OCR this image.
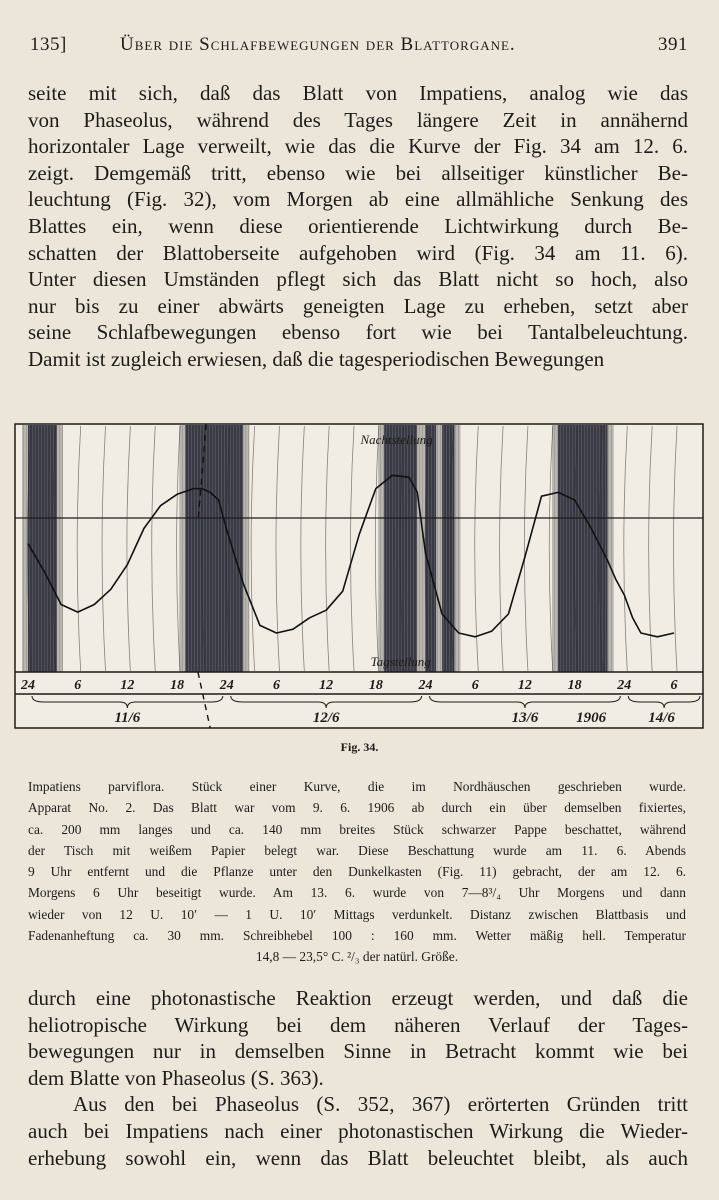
135]	Über die Schlafbewegungen der Blattorgane.	391
seite mit sich, daß das Blatt von Impatiens, analog wie das
von Phaseolus, während des Tages längere Zeit in annähernd
horizontaler Lage verweilt, wie das die Kurve der Fig. 34 am 12. 6.
zeigt. Demgemäß tritt, ebenso wie bei allseitiger künstlicher Be-
leuchtung (Fig. 32), vom Morgen ab eine allmähliche Senkung des
Blattes ein, wenn diese orientierende Lichtwirkung durch Be-
schatten der Blattoberseite aufgehoben wird (Fig. 34 am 11. 6).
Unter diesen Umständen pflegt sich das Blatt nicht so hoch, also
nur bis zu einer abwärts geneigten Lage zu erheben, setzt aber
seine Schlafbewegungen ebenso fort wie bei Tantalbeleuchtung.
Damit ist zugleich erwiesen, daß die tagesperiodischen Bewegungen
24	6	12	18	24	6	12	18	24	6	12	18	24	6
11/6	12/6	13/6	14/6
1906
Nachtstellung
Tagstellung
Fig. 34.
Impatiens parviflora. Stück einer Kurve, die im Nordhäuschen geschrieben wurde.
Apparat No. 2. Das Blatt war vom 9. 6. 1906 ab durch ein über demselben fixiertes,
ca. 200 mm langes und ca. 140 mm breites Stück schwarzer Pappe beschattet, während
der Tisch mit weißem Papier belegt war. Diese Beschattung wurde am 11. 6. Abends
9 Uhr entfernt und die Pflanze unter den Dunkelkasten (Fig. 11) gebracht, der am 12. 6.
Morgens 6 Uhr beseitigt wurde. Am 13. 6. wurde von 7—8³/₄ Uhr Morgens und dann
wieder von 12 U. 10′ — 1 U. 10′ Mittags verdunkelt. Distanz zwischen Blattbasis und
Fadenanheftung ca. 30 mm. Schreibhebel 100 : 160 mm. Wetter mäßig hell. Temperatur
14,8 — 23,5° C. ²/₃ der natürl. Größe.
durch eine photonastische Reaktion erzeugt werden, und daß die
heliotropische Wirkung bei dem näheren Verlauf der Tages-
bewegungen nur in demselben Sinne in Betracht kommt wie bei
dem Blatte von Phaseolus (S. 363).
Aus den bei Phaseolus (S. 352, 367) erörterten Gründen tritt
auch bei Impatiens nach einer photonastischen Wirkung die Wieder-
erhebung sowohl ein, wenn das Blatt beleuchtet bleibt, als auch
